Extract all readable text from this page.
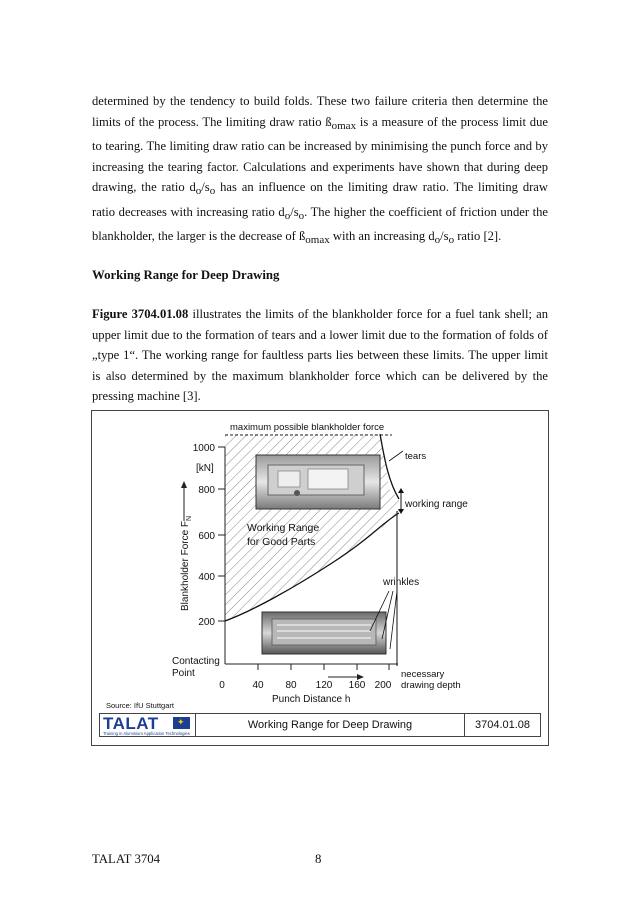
determined by the tendency to build folds. These two failure criteria then determine the limits of the process. The limiting draw ratio ßomax is a measure of the process limit due to tearing. The limiting draw ratio can be increased by minimising the punch force and by increasing the tearing factor. Calculations and experiments have shown that during deep drawing, the ratio do/so has an influence on the limiting draw ratio. The limiting draw ratio decreases with increasing ratio do/so. The higher the coefficient of friction under the blankholder, the larger is the decrease of ßomax with an increasing do/so ratio [2].

Working Range for Deep Drawing

Figure 3704.01.08 illustrates the limits of the blankholder force for a fuel tank shell; an upper limit due to the formation of tears and a lower limit due to the formation of folds of „type 1“. The working range for faultless parts lies between these limits. The upper limit is also determined by the maximum blankholder force which can be delivered by the pressing machine [3].

1000
800
600
400
200
[kN]
Blankholder Force $F_N$
0	40 80 120 160 200
Punch Distance h
maximum possible blankholder force
working range
tears
wrinkles
Working Range
for Good Parts
Contacting
Point	necessary
drawing depth
Source: IfU Stuttgart
TALAT
✦
Training in Aluminium Application Technologies
Working Range for Deep Drawing	3704.01.08
TALAT 3704	8
